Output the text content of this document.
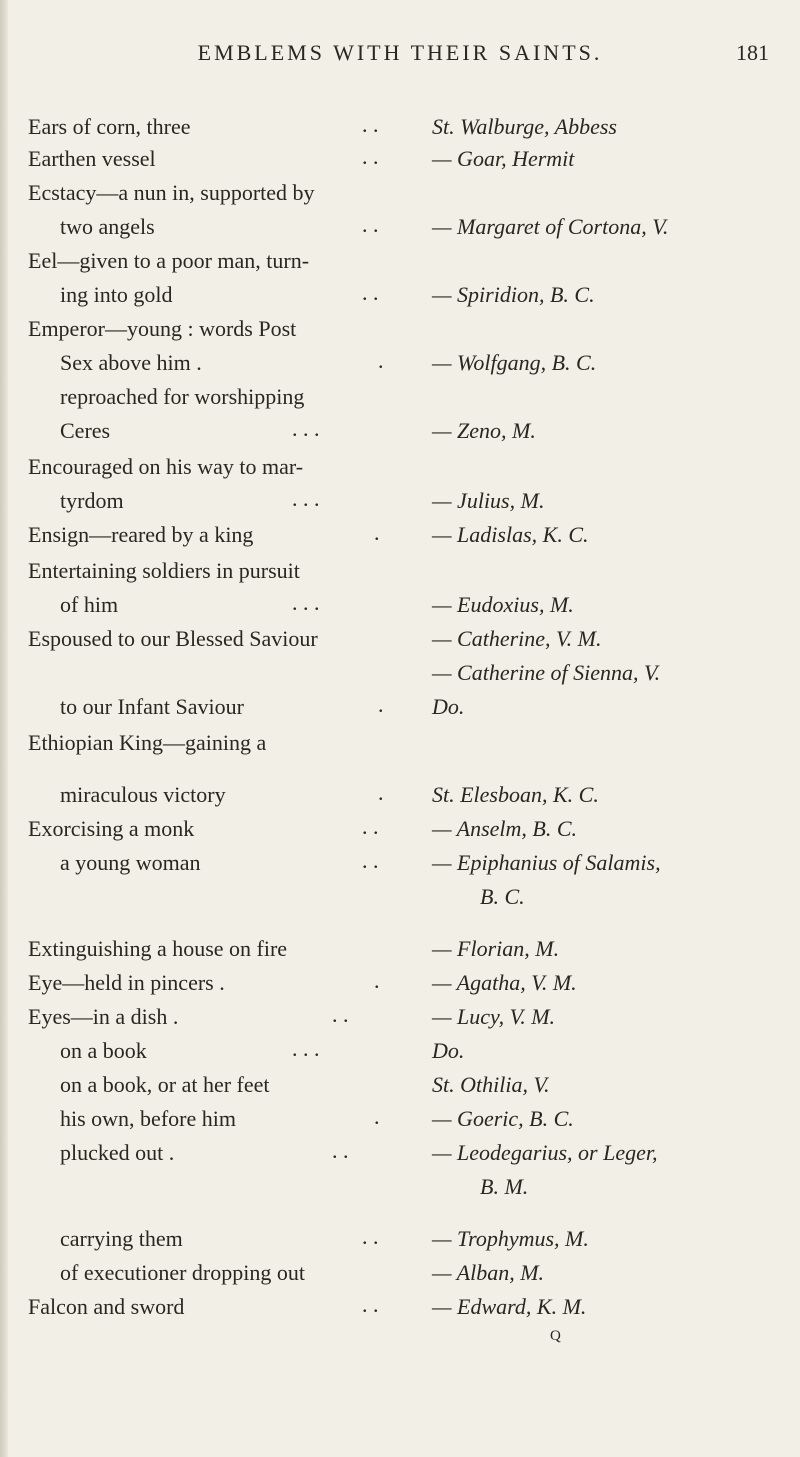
EMBLEMS WITH THEIR SAINTS.	181
Ears of corn, three	. . St. Walburge, Abbess
Earthen vessel	. . — Goar, Hermit
Ecstacy—a nun in, supported by
two angels	. . — Margaret of Cortona, V.
Eel—given to a poor man, turn-
ing into gold	. . — Spiridion, B. C.
Emperor—young : words Post
Sex above him .	. — Wolfgang, B. C.
reproached for worshipping
Ceres	. . .	— Zeno, M.
Encouraged on his way to mar-
tyrdom	. . .	— Julius, M.
Ensign—reared by a king	. — Ladislas, K. C.
Entertaining soldiers in pursuit
of him	. . .	— Eudoxius, M.
Espoused to our Blessed Saviour	— Catherine, V. M.
— Catherine of Sienna, V.
to our Infant Saviour	. Do.
Ethiopian King—gaining a
miraculous victory	. St. Elesboan, K. C.
Exorcising a monk	. . — Anselm, B. C.
a young woman	. . — Epiphanius of Salamis,
B. C.
Extinguishing a house on fire	— Florian, M.
Eye—held in pincers .	. — Agatha, V. M.
Eyes—in a dish .	. .	— Lucy, V. M.
on a book	. . .	Do.
on a book, or at her feet	St. Othilia, V.
his own, before him	. — Goeric, B. C.
plucked out .	. .	— Leodegarius, or Leger,
B. M.
carrying them	. . — Trophymus, M.
of executioner dropping out	— Alban, M.
Falcon and sword	. . — Edward, K. M.
Q
